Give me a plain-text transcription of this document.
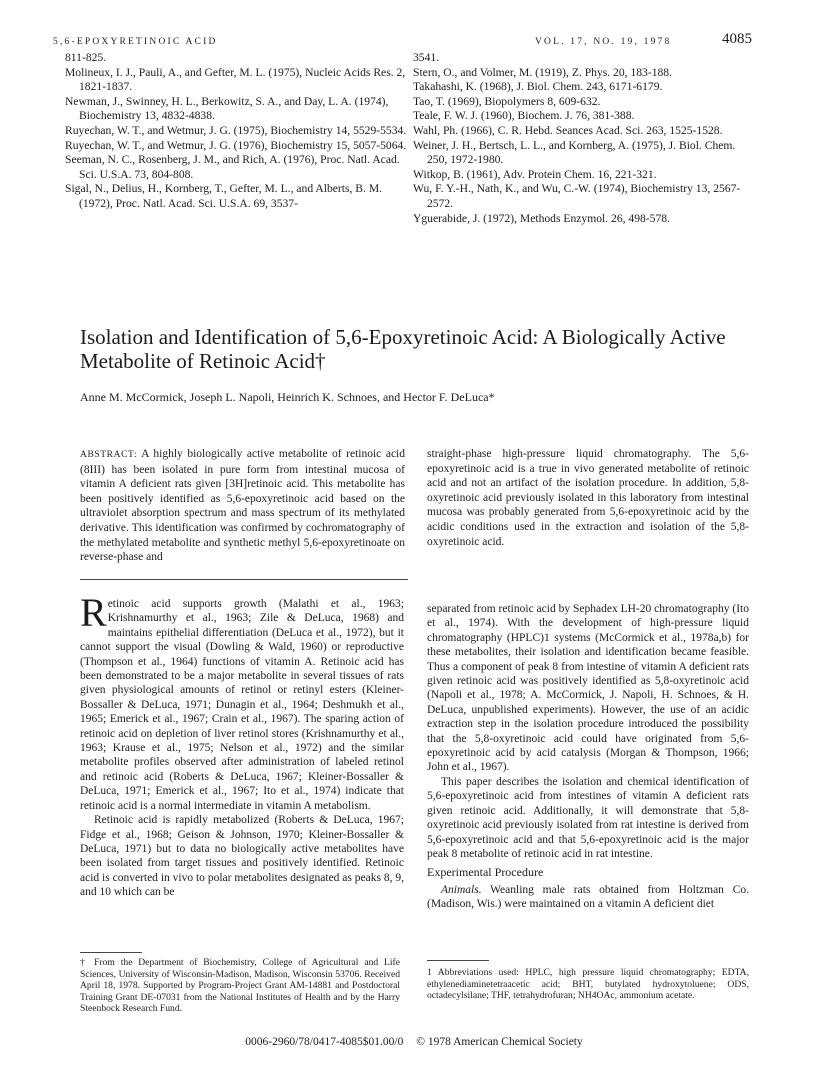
5,6-EPOXYRETINOIC ACID	VOL. 17, NO. 19, 1978	4085
811-825.
Molineux, I. J., Pauli, A., and Gefter, M. L. (1975), Nucleic Acids Res. 2, 1821-1837.
Newman, J., Swinney, H. L., Berkowitz, S. A., and Day, L. A. (1974), Biochemistry 13, 4832-4838.
Ruyechan, W. T., and Wetmur, J. G. (1975), Biochemistry 14, 5529-5534.
Ruyechan, W. T., and Wetmur, J. G. (1976), Biochemistry 15, 5057-5064.
Seeman, N. C., Rosenberg, J. M., and Rich, A. (1976), Proc. Natl. Acad. Sci. U.S.A. 73, 804-808.
Sigal, N., Delius, H., Kornberg, T., Gefter, M. L., and Alberts, B. M. (1972), Proc. Natl. Acad. Sci. U.S.A. 69, 3537-
3541.
Stern, O., and Volmer, M. (1919), Z. Phys. 20, 183-188.
Takahashi, K. (1968), J. Biol. Chem. 243, 6171-6179.
Tao, T. (1969), Biopolymers 8, 609-632.
Teale, F. W. J. (1960), Biochem. J. 76, 381-388.
Wahl, Ph. (1966), C. R. Hebd. Seances Acad. Sci. 263, 1525-1528.
Weiner, J. H., Bertsch, L. L., and Kornberg, A. (1975), J. Biol. Chem. 250, 1972-1980.
Witkop, B. (1961), Adv. Protein Chem. 16, 221-321.
Wu, F. Y.-H., Nath, K., and Wu, C.-W. (1974), Biochemistry 13, 2567-2572.
Yguerabide, J. (1972), Methods Enzymol. 26, 498-578.
Isolation and Identification of 5,6-Epoxyretinoic Acid: A Biologically Active Metabolite of Retinoic Acid†
Anne M. McCormick, Joseph L. Napoli, Heinrich K. Schnoes, and Hector F. DeLuca*
ABSTRACT: A highly biologically active metabolite of retinoic acid (8III) has been isolated in pure form from intestinal mucosa of vitamin A deficient rats given [3H]retinoic acid. This metabolite has been positively identified as 5,6-epoxyretinoic acid based on the ultraviolet absorption spectrum and mass spectrum of its methylated derivative. This identification was confirmed by cochromatography of the methylated metabolite and synthetic methyl 5,6-epoxyretinoate on reverse-phase and
straight-phase high-pressure liquid chromatography. The 5,6-epoxyretinoic acid is a true in vivo generated metabolite of retinoic acid and not an artifact of the isolation procedure. In addition, 5,8-oxyretinoic acid previously isolated in this laboratory from intestinal mucosa was probably generated from 5,6-epoxyretinoic acid by the acidic conditions used in the extraction and isolation of the 5,8-oxyretinoic acid.

R etinoic acid supports growth (Malathi et al., 1963; Krishnamurthy et al., 1963; Zile & DeLuca, 1968) and maintains epithelial differentiation (DeLuca et al., 1972), but it cannot support the visual (Dowling & Wald, 1960) or reproductive (Thompson et al., 1964) functions of vitamin A. Retinoic acid has been demonstrated to be a major metabolite in several tissues of rats given physiological amounts of retinol or retinyl esters (Kleiner-Bossaller & DeLuca, 1971; Dunagin et al., 1964; Deshmukh et al., 1965; Emerick et al., 1967; Crain et al., 1967). The sparing action of retinoic acid on depletion of liver retinol stores (Krishnamurthy et al., 1963; Krause et al., 1975; Nelson et al., 1972) and the similar metabolite profiles observed after administration of labeled retinol and retinoic acid (Roberts & DeLuca, 1967; Kleiner-Bossaller & DeLuca, 1971; Emerick et al., 1967; Ito et al., 1974) indicate that retinoic acid is a normal intermediate in vitamin A metabolism.

Retinoic acid is rapidly metabolized (Roberts & DeLuca, 1967; Fidge et al., 1968; Geison & Johnson, 1970; Kleiner-Bossaller & DeLuca, 1971) but to data no biologically active metabolites have been isolated from target tissues and positively identified. Retinoic acid is converted in vivo to polar metabolites designated as peaks 8, 9, and 10 which can be

separated from retinoic acid by Sephadex LH-20 chromatography (Ito et al., 1974). With the development of high-pressure liquid chromatography (HPLC)1 systems (McCormick et al., 1978a,b) for these metabolites, their isolation and identification became feasible. Thus a component of peak 8 from intestine of vitamin A deficient rats given retinoic acid was positively identified as 5,8-oxyretinoic acid (Napoli et al., 1978; A. McCormick, J. Napoli, H. Schnoes, & H. DeLuca, unpublished experiments). However, the use of an acidic extraction step in the isolation procedure introduced the possibility that the 5,8-oxyretinoic acid could have originated from 5,6-epoxyretinoic acid by acid catalysis (Morgan & Thompson, 1966; John et al., 1967).

This paper describes the isolation and chemical identification of 5,6-epoxyretinoic acid from intestines of vitamin A deficient rats given retinoic acid. Additionally, it will demonstrate that 5,8-oxyretinoic acid previously isolated from rat intestine is derived from 5,6-epoxyretinoic acid and that 5,6-epoxyretinoic acid is the major peak 8 metabolite of retinoic acid in rat intestine.

Experimental Procedure

Animals. Weanling male rats obtained from Holtzman Co. (Madison, Wis.) were maintained on a vitamin A deficient diet

† From the Department of Biochemistry, College of Agricultural and Life Sciences, University of Wisconsin-Madison, Madison, Wisconsin 53706. Received April 18, 1978. Supported by Program-Project Grant AM-14881 and Postdoctoral Training Grant DE-07031 from the National Institutes of Health and by the Harry Steenbock Research Fund.
1 Abbreviations used: HPLC, high pressure liquid chromatography; EDTA, ethylenediaminetetraacetic acid; BHT, butylated hydroxytoluene; ODS, octadecylsilane; THF, tetrahydrofuran; NH4OAc, ammonium acetate.
0006-2960/78/0417-4085$01.00/0 © 1978 American Chemical Society
